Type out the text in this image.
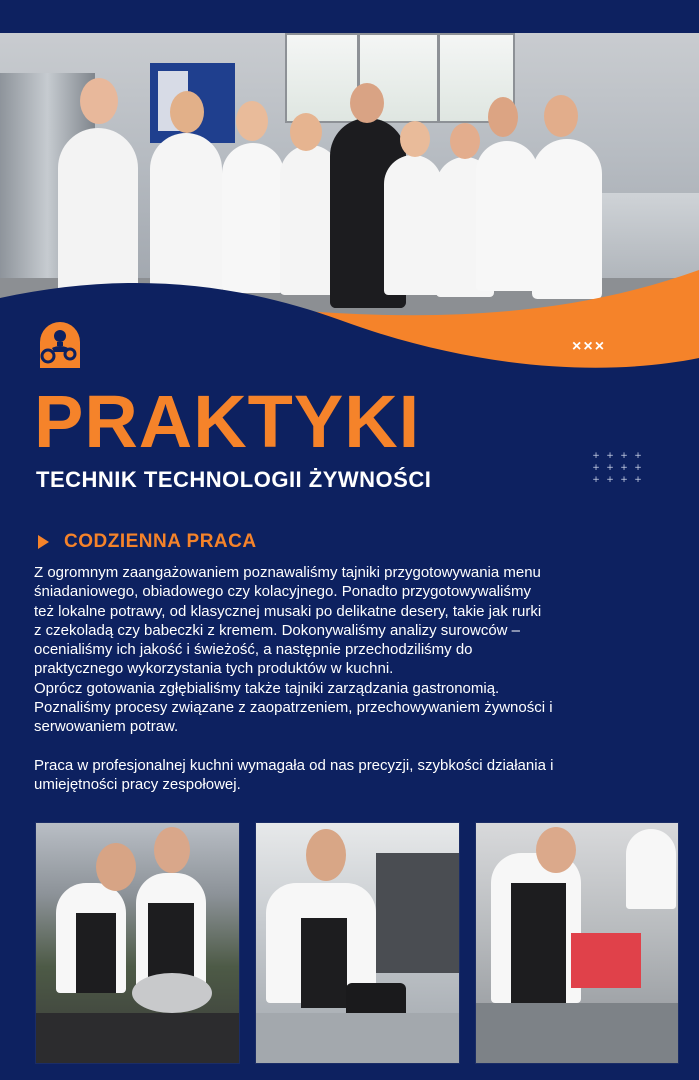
×××
PRAKTYKI
TECHNIK TECHNOLOGII ŻYWNOŚCI
+ + + +
+ + + +
+ + + +
CODZIENNA PRACA

Z ogromnym zaangażowaniem poznawaliśmy tajniki przygotowywania menu
śniadaniowego, obiadowego czy kolacyjnego. Ponadto przygotowywaliśmy
też lokalne potrawy, od klasycznej musaki po delikatne desery, takie jak rurki
z czekoladą czy babeczki z kremem. Dokonywaliśmy analizy surowców –
ocenialiśmy ich jakość i świeżość, a następnie przechodziliśmy do
praktycznego wykorzystania tych produktów w kuchni.
Oprócz gotowania zgłębialiśmy także tajniki zarządzania gastronomią.
Poznaliśmy procesy związane z zaopatrzeniem, przechowywaniem żywności i
serwowaniem potraw.

Praca w profesjonalnej kuchni wymagała od nas precyzji, szybkości działania i
umiejętności pracy zespołowej.
